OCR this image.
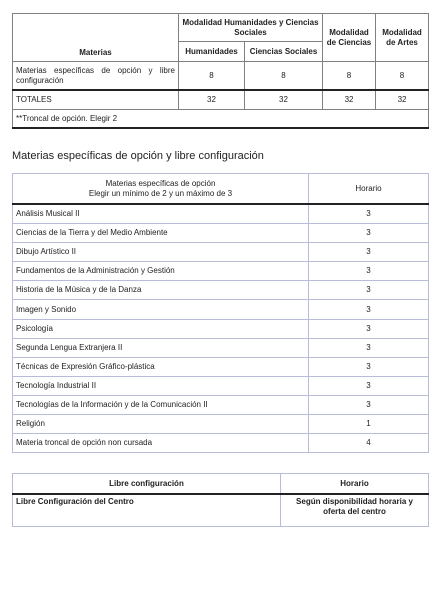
Materias	Modalidad Humanidades y Ciencias Sociales		Modalidad de Ciencias	Modalidad de Artes
	Humanidades	Ciencias Sociales		
Materias específicas de opción y libre configuración	8	8	8	8
TOTALES	32	32	32	32
**Troncal de opción. Elegir 2				
Materias específicas de opción y libre configuración
Materias específicas de opción
Elegir un mínimo de 2 y un máximo de 3	Horario
Análisis Musical II	3
Ciencias de la Tierra y del Medio Ambiente	3
Dibujo Artístico II	3
Fundamentos de la Administración y Gestión	3
Historia de la Música y de la Danza	3
Imagen y Sonido	3
Psicología	3
Segunda Lengua Extranjera II	3
Técnicas de Expresión Gráfico-plástica	3
Tecnología Industrial II	3
Tecnologías de la Información y de la Comunicación II	3
Religión	1
Materia troncal de opción non cursada	4
Libre configuración	Horario
Libre Configuración del Centro	Según disponibilidad horaria y oferta del centro
